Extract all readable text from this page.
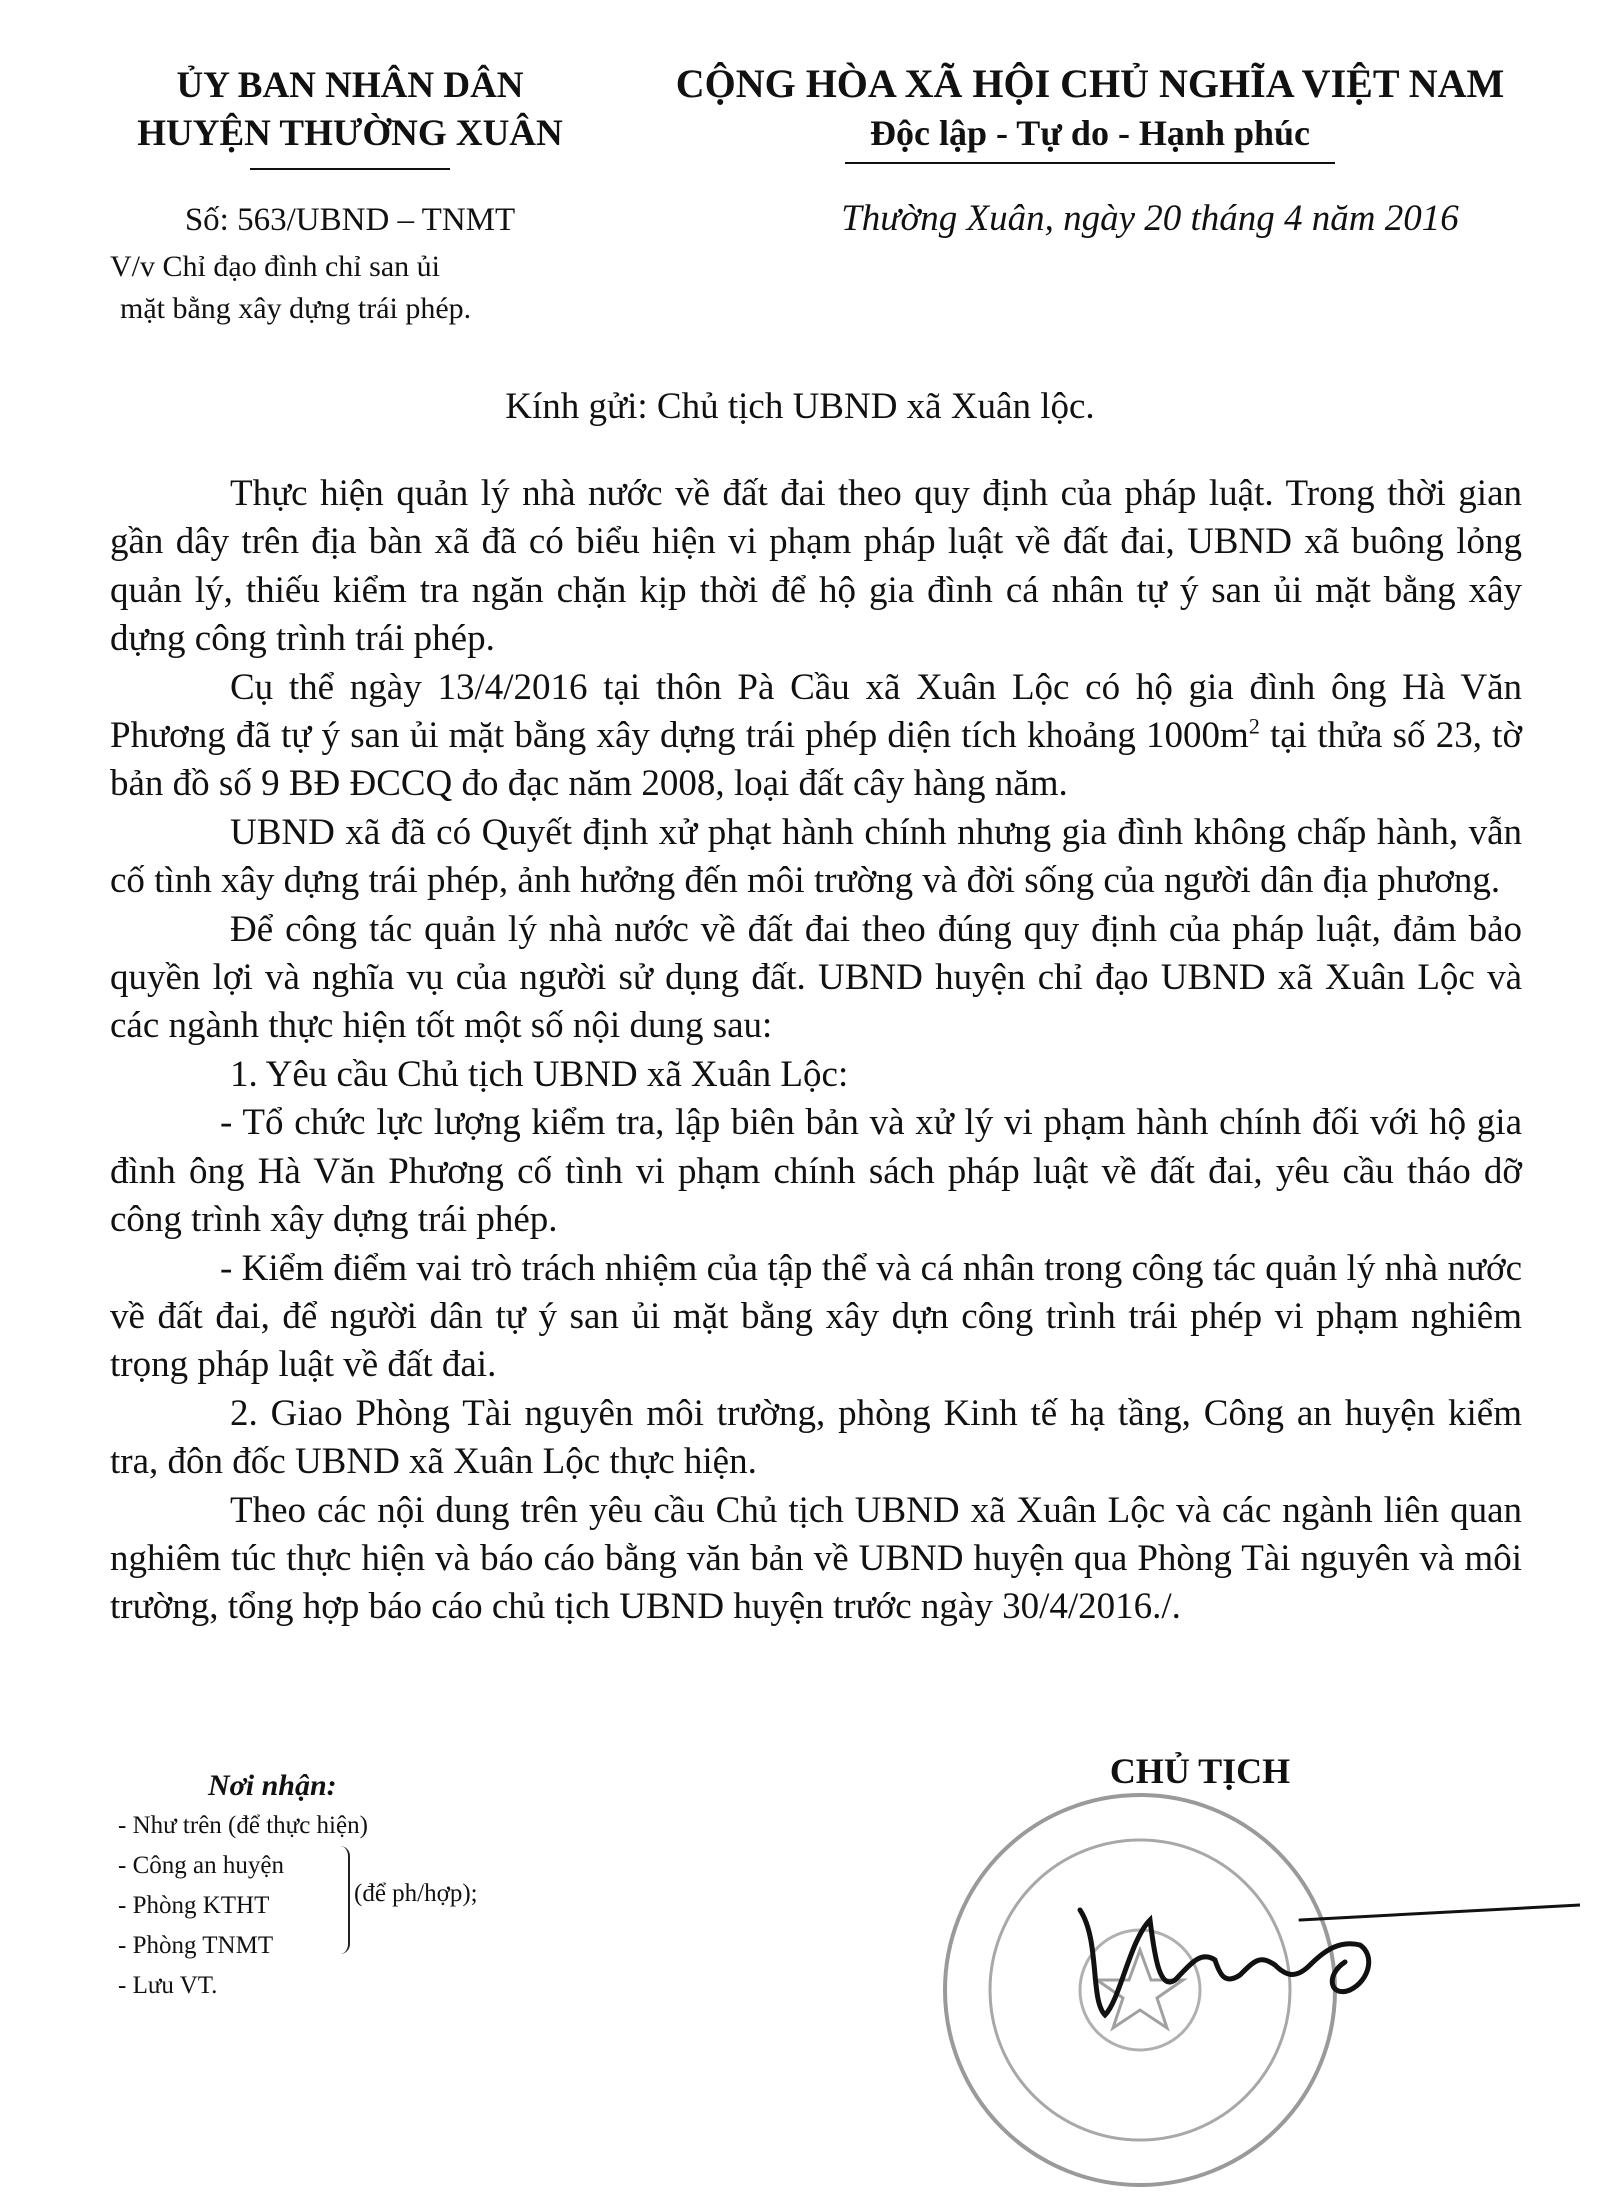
ỦY BAN NHÂN DÂN
HUYỆN THƯỜNG XUÂN
CỘNG HÒA XÃ HỘI CHỦ NGHĨA VIỆT NAM
Độc lập - Tự do - Hạnh phúc
Số: 563/UBND – TNMT
V/v Chỉ đạo đình chỉ san ủi
mặt bằng xây dựng trái phép.
Thường Xuân, ngày 20 tháng 4 năm 2016
Kính gửi: Chủ tịch UBND xã Xuân lộc.

Thực hiện quản lý nhà nước về đất đai theo quy định của pháp luật. Trong thời gian gần dây trên địa bàn xã đã có biểu hiện vi phạm pháp luật về đất đai, UBND xã buông lỏng quản lý, thiếu kiểm tra ngăn chặn kịp thời để hộ gia đình cá nhân tự ý san ủi mặt bằng xây dựng công trình trái phép.

Cụ thể ngày 13/4/2016 tại thôn Pà Cầu xã Xuân Lộc có hộ gia đình ông Hà Văn Phương đã tự ý san ủi mặt bằng xây dựng trái phép diện tích khoảng $1000m^2$ tại thửa số 23, tờ bản đồ số 9 BĐ ĐCCQ đo đạc năm 2008, loại đất cây hàng năm.

UBND xã đã có Quyết định xử phạt hành chính nhưng gia đình không chấp hành, vẫn cố tình xây dựng trái phép, ảnh hưởng đến môi trường và đời sống của người dân địa phương.

Để công tác quản lý nhà nước về đất đai theo đúng quy định của pháp luật, đảm bảo quyền lợi và nghĩa vụ của người sử dụng đất. UBND huyện chỉ đạo UBND xã Xuân Lộc và các ngành thực hiện tốt một số nội dung sau:

1. Yêu cầu Chủ tịch UBND xã Xuân Lộc:

- Tổ chức lực lượng kiểm tra, lập biên bản và xử lý vi phạm hành chính đối với hộ gia đình ông Hà Văn Phương cố tình vi phạm chính sách pháp luật về đất đai, yêu cầu tháo dỡ công trình xây dựng trái phép.

- Kiểm điểm vai trò trách nhiệm của tập thể và cá nhân trong công tác quản lý nhà nước về đất đai, để người dân tự ý san ủi mặt bằng xây dựn công trình trái phép vi phạm nghiêm trọng pháp luật về đất đai.

2. Giao Phòng Tài nguyên môi trường, phòng Kinh tế hạ tầng, Công an huyện kiểm tra, đôn đốc UBND xã Xuân Lộc thực hiện.

Theo các nội dung trên yêu cầu Chủ tịch UBND xã Xuân Lộc và các ngành liên quan nghiêm túc thực hiện và báo cáo bằng văn bản về UBND huyện qua Phòng Tài nguyên và môi trường, tổng hợp báo cáo chủ tịch UBND huyện trước ngày 30/4/2016./.

CHỦ TỊCH
Nơi nhận:
- Như trên (để thực hiện)
- Công an huyện
- Phòng KTHT
- Phòng TNMT
- Lưu VT.
(để ph/hợp);
